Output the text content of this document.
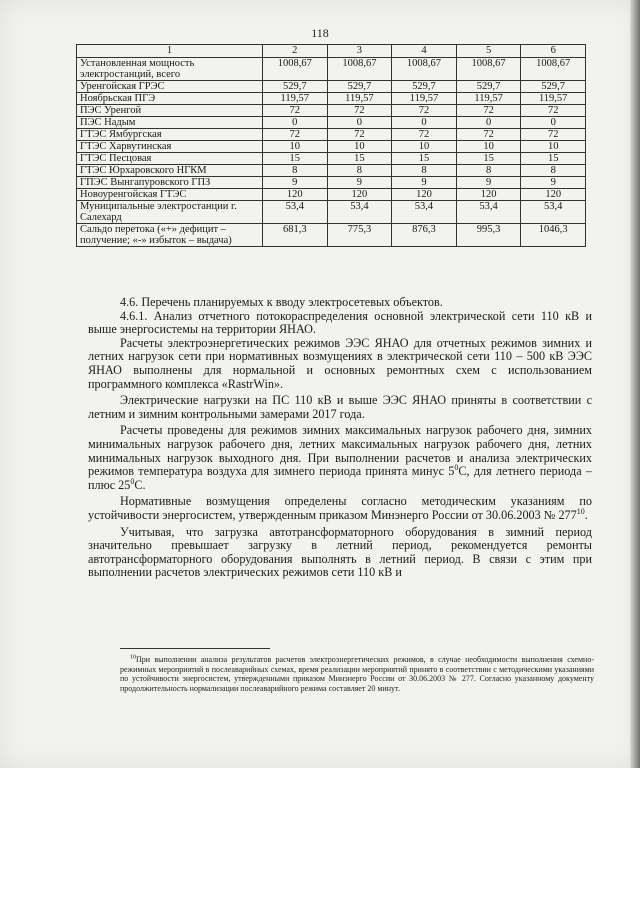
118
1	2	3	4	5	6
Установленная мощность электростанций, всего	1008,67	1008,67	1008,67	1008,67	1008,67
Уренгойская ГРЭС	529,7	529,7	529,7	529,7	529,7
Ноябрьская ПГЭ	119,57	119,57	119,57	119,57	119,57
ПЭС Уренгой	72	72	72	72	72
ПЭС Надым	0	0	0	0	0
ГТЭС Ямбургская	72	72	72	72	72
ГТЭС Харвутинская	10	10	10	10	10
ГТЭС Песцовая	15	15	15	15	15
ГТЭС Юрхаровского НГКМ	8	8	8	8	8
ГПЭС Вынгапуровского ГПЗ	9	9	9	9	9
Новоуренгойская ГТЭС	120	120	120	120	120
Муниципальные электростанции г. Салехард	53,4	53,4	53,4	53,4	53,4
Сальдо перетока («+» дефицит – получение; «-» избыток – выдача)	681,3	775,3	876,3	995,3	1046,3

4.6. Перечень планируемых к вводу электросетевых объектов.

4.6.1. Анализ отчетного потокораспределения основной электрической сети 110 кВ и выше энергосистемы на территории ЯНАО.

Расчеты электроэнергетических режимов ЭЭС ЯНАО для отчетных режимов зимних и летних нагрузок сети при нормативных возмущениях в электрической сети 110 – 500 кВ ЭЭС ЯНАО выполнены для нормальной и основных ремонтных схем с использованием программного комплекса «RastrWin».

Электрические нагрузки на ПС 110 кВ и выше ЭЭС ЯНАО приняты в соответствии с летним и зимним контрольными замерами 2017 года.

Расчеты проведены для режимов зимних максимальных нагрузок рабочего дня, зимних минимальных нагрузок рабочего дня, летних максимальных нагрузок рабочего дня, летних минимальных нагрузок выходного дня. При выполнении расчетов и анализа электрических режимов температура воздуха для зимнего периода принята минус $5^0С$, для летнего периода – плюс $25^0С$.

Нормативные возмущения определены согласно методическим указаниям по устойчивости энергосистем, утвержденным приказом Минэнерго России от 30.06.2003 № $277^{10}$.

Учитывая, что загрузка автотрансформаторного оборудования в зимний период значительно превышает загрузку в летний период, рекомендуется ремонты автотрансформаторного оборудования выполнять в летний период. В связи с этим при выполнении расчетов электрических режимов сети 110 кВ и

$^{10}$При выполнении анализа результатов расчетов электроэнергетических режимов, в случае необходимости выполнения схемно-режимных мероприятий в послеаварийных схемах, время реализации мероприятий принято в соответствии с методическими указаниями по устойчивости энергосистем, утвержденными приказом Минэнерго России от 30.06.2003 № 277. Согласно указанному документу продолжительность нормализации послеаварийного режима составляет 20 минут.
